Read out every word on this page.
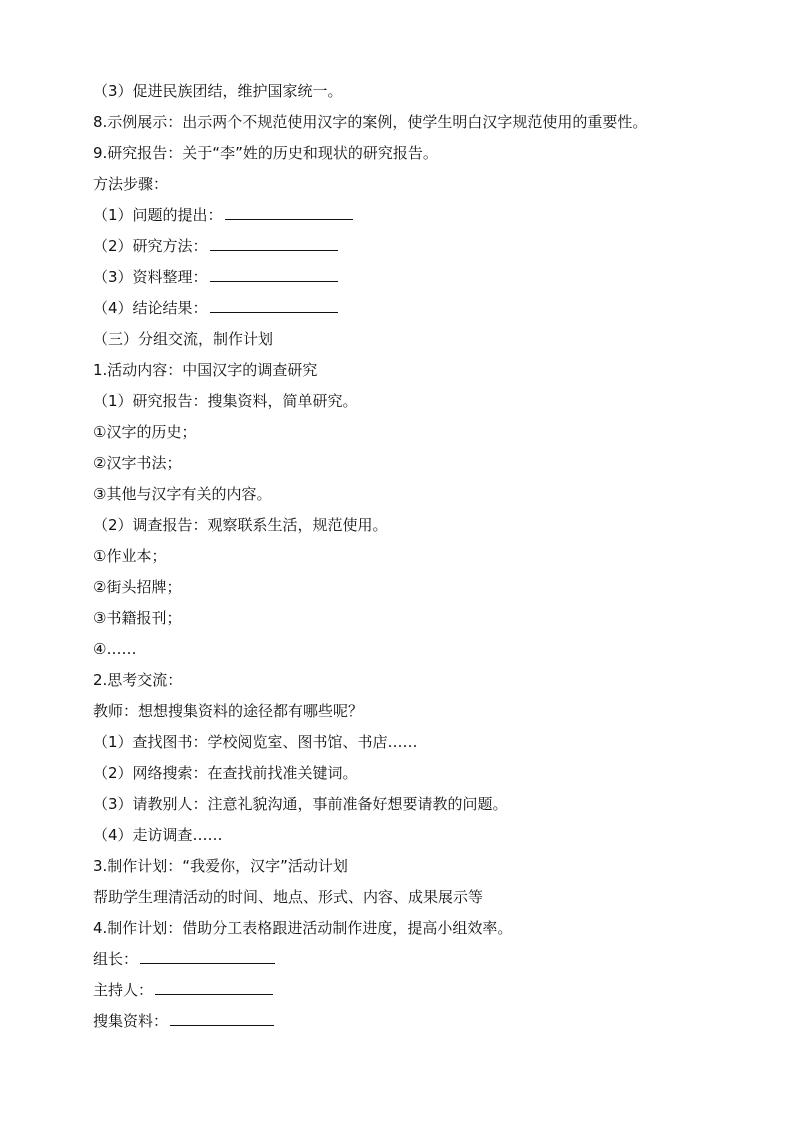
（3）促进民族团结，维护国家统一。
8.示例展示：出示两个不规范使用汉字的案例，使学生明白汉字规范使用的重要性。
9.研究报告：关于“李”姓的历史和现状的研究报告。
方法步骤：
（1）问题的提出：
（2）研究方法：
（3）资料整理：
（4）结论结果：
（三）分组交流，制作计划
1.活动内容：中国汉字的调查研究
（1）研究报告：搜集资料，简单研究。
①汉字的历史；
②汉字书法；
③其他与汉字有关的内容。
（2）调查报告：观察联系生活，规范使用。
①作业本；
②街头招牌；
③书籍报刊；
④……
2.思考交流：
教师：想想搜集资料的途径都有哪些呢？
（1）查找图书：学校阅览室、图书馆、书店……
（2）网络搜索：在查找前找准关键词。
（3）请教别人：注意礼貌沟通，事前准备好想要请教的问题。
（4）走访调查……
3.制作计划：“我爱你，汉字”活动计划
帮助学生理清活动的时间、地点、形式、内容、成果展示等
4.制作计划：借助分工表格跟进活动制作进度，提高小组效率。
组长：
主持人：
搜集资料：
